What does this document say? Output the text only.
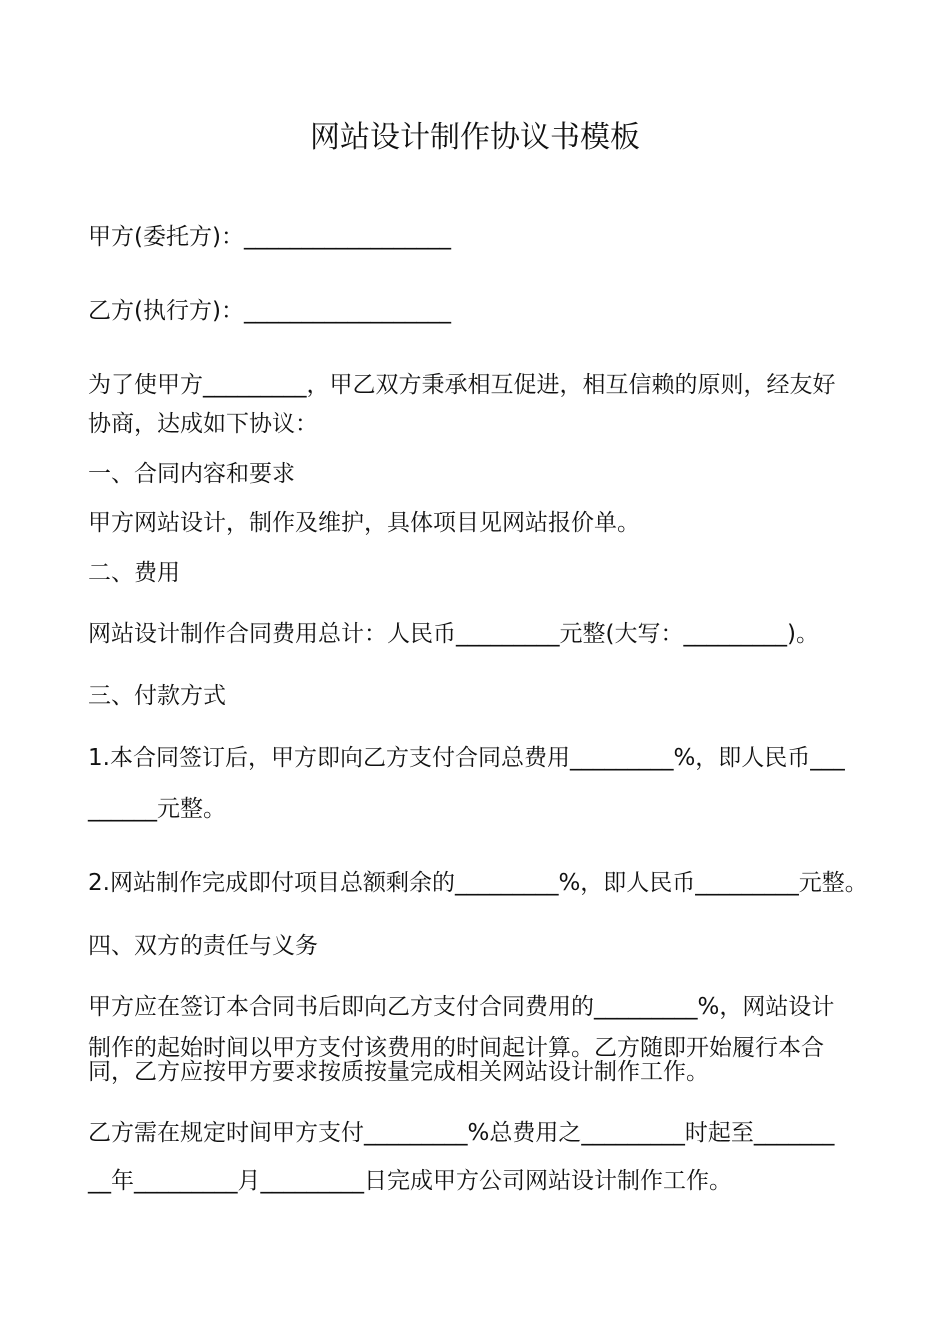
网站设计制作协议书模板
甲方(委托方)：__________________
乙方(执行方)：__________________
为了使甲方_________，甲乙双方秉承相互促进，相互信赖的原则，经友好
协商，达成如下协议：
一、合同内容和要求
甲方网站设计，制作及维护，具体项目见网站报价单。
二、费用
网站设计制作合同费用总计：人民币_________元整(大写：_________)。
三、付款方式
1.本合同签订后，甲方即向乙方支付合同总费用_________%，即人民币___
______元整。
2.网站制作完成即付项目总额剩余的_________%，即人民币_________元整。
四、双方的责任与义务
甲方应在签订本合同书后即向乙方支付合同费用的_________%，网站设计
制作的起始时间以甲方支付该费用的时间起计算。乙方随即开始履行本合
同，乙方应按甲方要求按质按量完成相关网站设计制作工作。
乙方需在规定时间甲方支付_________%总费用之_________时起至_______
__年_________月_________日完成甲方公司网站设计制作工作。
